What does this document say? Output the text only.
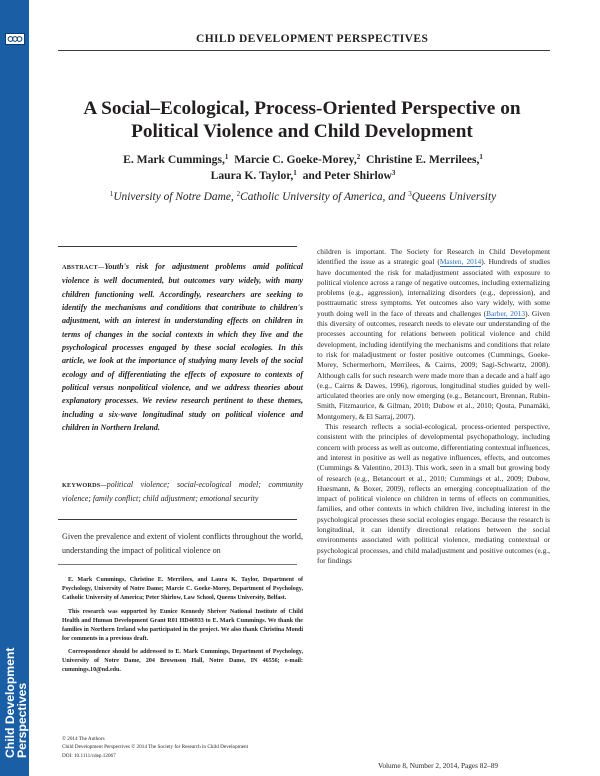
Child Development
Perspectives
CHILD DEVELOPMENT PERSPECTIVES
A Social–Ecological, Process-Oriented Perspective on
Political Violence and Child Development
E. Mark Cummings,$^1$ Marcie C. Goeke-Morey,$^2$ Christine E. Merrilees,$^1$
Laura K. Taylor,$^1$ and Peter Shirlow$^3$
$^1$University of Notre Dame, $^2$Catholic University of America, and $^3$Queens University
ABSTRACT—Youth's risk for adjustment problems amid political violence is well documented, but outcomes vary widely, with many children functioning well. Accordingly, researchers are seeking to identify the mechanisms and conditions that contribute to children's adjustment, with an interest in understanding effects on children in terms of changes in the social contexts in which they live and the psychological processes engaged by these social ecologies. In this article, we look at the importance of studying many levels of the social ecology and of differentiating the effects of exposure to contexts of political versus nonpolitical violence, and we address theories about explanatory processes. We review research pertinent to these themes, including a six-wave longitudinal study on political violence and children in Northern Ireland.
KEYWORDS—political violence; social-ecological model; community violence; family conflict; child adjustment; emotional security
Given the prevalence and extent of violent conflicts throughout the world, understanding the impact of political violence on

E. Mark Cummings, Christine E. Merrilees, and Laura K. Taylor, Department of Psychology, University of Notre Dame; Marcie C. Goeke-Morey, Department of Psychology, Catholic University of America; Peter Shirlow, Law School, Queens University, Belfast.

This research was supported by Eunice Kennedy Shriver National Institute of Child Health and Human Development Grant R01 HD46933 to E. Mark Cummings. We thank the families in Northern Ireland who participated in the project. We also thank Christina Mondi for comments in a previous draft.

Correspondence should be addressed to E. Mark Cummings, Department of Psychology, University of Notre Dame, 204 Brownson Hall, Notre Dame, IN 46556; e-mail: cummings.10@nd.edu.

© 2014 The Authors
Child Development Perspectives © 2014 The Society for Research in Child Development
DOI: 10.1111/cdep.12067

children is important. The Society for Research in Child Development identified the issue as a strategic goal (Masten, 2014). Hundreds of studies have documented the risk for maladjustment associated with exposure to political violence across a range of negative outcomes, including externalizing problems (e.g., aggression), internalizing disorders (e.g., depression), and posttraumatic stress symptoms. Yet outcomes also vary widely, with some youth doing well in the face of threats and challenges (Barber, 2013). Given this diversity of outcomes, research needs to elevate our understanding of the processes accounting for relations between political violence and child development, including identifying the mechanisms and conditions that relate to risk for maladjustment or foster positive outcomes (Cummings, Goeke-Morey, Schermerhorn, Merrilees, & Cairns, 2009; Sagi-Schwartz, 2008). Although calls for such research were made more than a decade and a half ago (e.g., Cairns & Dawes, 1996), rigorous, longitudinal studies guided by well-articulated theories are only now emerging (e.g., Betancourt, Brennan, Rubin-Smith, Fitzmaurice, & Gilman, 2010; Dubow et al., 2010; Qouta, Punamäki, Montgomery, & El Sarraj, 2007).

This research reflects a social-ecological, process-oriented perspective, consistent with the principles of developmental psychopathology, including concern with process as well as outcome, differentiating contextual influences, and interest in positive as well as negative influences, effects, and outcomes (Cummings & Valentino, 2013). This work, seen in a small but growing body of research (e.g., Betancourt et al., 2010; Cummings et al., 2009; Dubow, Huesmann, & Boxer, 2009), reflects an emerging conceptualization of the impact of political violence on children in terms of effects on communities, families, and other contexts in which children live, including interest in the psychological processes these social ecologies engage. Because the research is longitudinal, it can identify directional relations between the social environments associated with political violence, mediating contextual or psychological processes, and child maladjustment and positive outcomes (e.g., for findings

Volume 8, Number 2, 2014, Pages 82–89
